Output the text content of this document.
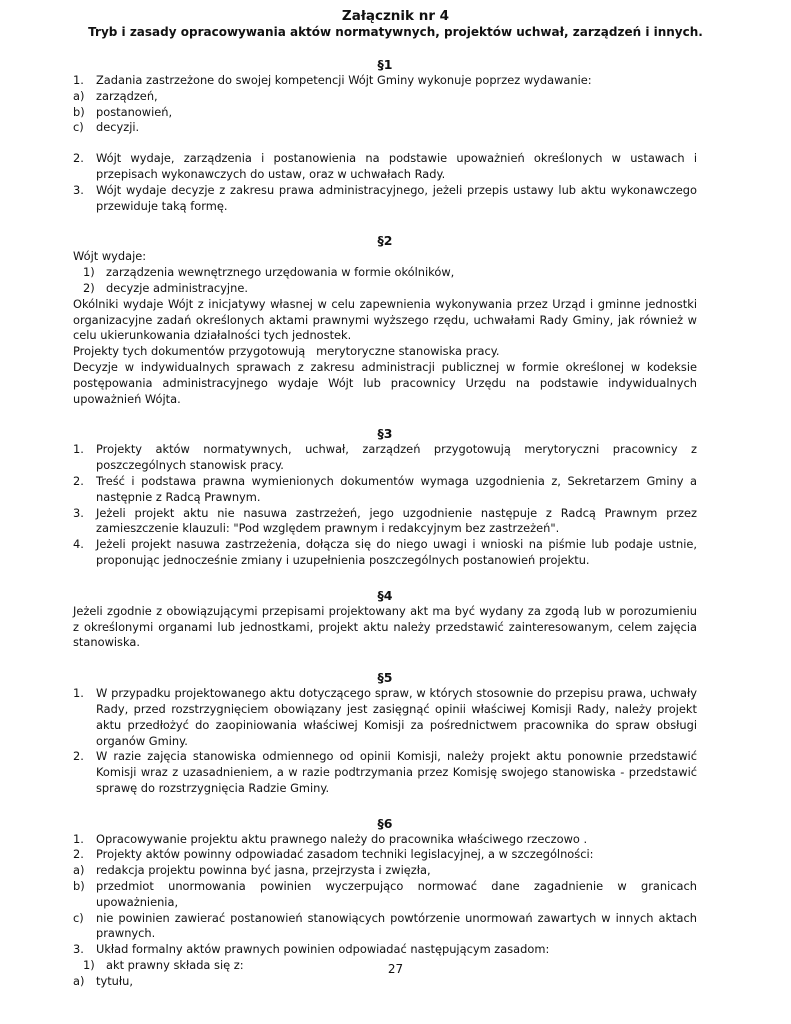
Załącznik nr 4

Tryb i zasady opracowywania aktów normatywnych, projektów uchwał, zarządzeń i innych.

§1

1.	Zadania zastrzeżone do swojej kompetencji Wójt Gminy wykonuje poprzez wydawanie:
a)	zarządzeń,
b) postanowień,
c)	decyzji.
2.	Wójt wydaje, zarządzenia i postanowienia na podstawie upoważnień określonych w ustawach i przepisach wykonawczych do ustaw, oraz w uchwałach Rady.
3.	Wójt wydaje decyzje z zakresu prawa administracyjnego, jeżeli przepis ustawy lub aktu wykonawczego przewiduje taką formę.

§2

Wójt wydaje:

1) zarządzenia wewnętrznego urzędowania w formie okólników,
2) decyzje administracyjne.

Okólniki wydaje Wójt z inicjatywy własnej w celu zapewnienia wykonywania przez Urząd i gminne jednostki organizacyjne zadań określonych aktami prawnymi wyższego rzędu, uchwałami Rady Gminy, jak również w celu ukierunkowania działalności tych jednostek.

Projekty tych dokumentów przygotowują   merytoryczne stanowiska pracy.

Decyzje w indywidualnych sprawach z zakresu administracji publicznej w formie określonej w kodeksie postępowania administracyjnego wydaje Wójt lub pracownicy Urzędu na podstawie indywidualnych upoważnień Wójta.

§3

1.	Projekty aktów normatywnych, uchwał, zarządzeń przygotowują merytoryczni pracownicy z poszczególnych stanowisk pracy.
2.	Treść i podstawa prawna wymienionych dokumentów wymaga uzgodnienia z, Sekretarzem Gminy a następnie z Radcą Prawnym.
3.	Jeżeli projekt aktu nie nasuwa zastrzeżeń, jego uzgodnienie następuje z Radcą Prawnym przez zamieszczenie klauzuli: "Pod względem prawnym i redakcyjnym bez zastrzeżeń".
4.	Jeżeli projekt nasuwa zastrzeżenia, dołącza się do niego uwagi i wnioski na piśmie lub podaje ustnie, proponując jednocześnie zmiany i uzupełnienia poszczególnych postanowień projektu.

§4

Jeżeli zgodnie z obowiązującymi przepisami projektowany akt ma być wydany za zgodą lub w porozumieniu z określonymi organami lub jednostkami, projekt aktu należy przedstawić zainteresowanym, celem zajęcia stanowiska.

§5

1.	W przypadku projektowanego aktu dotyczącego spraw, w których stosownie do przepisu prawa, uchwały Rady, przed rozstrzygnięciem obowiązany jest zasięgnąć opinii właściwej Komisji Rady, należy projekt aktu przedłożyć do zaopiniowania właściwej Komisji za pośrednictwem pracownika do spraw obsługi organów Gminy.
2.	W razie zajęcia stanowiska odmiennego od opinii Komisji, należy projekt aktu ponownie przedstawić Komisji wraz z uzasadnieniem, a w razie podtrzymania przez Komisję swojego stanowiska - przedstawić sprawę do rozstrzygnięcia Radzie Gminy.

§6

1.	Opracowywanie projektu aktu prawnego należy do pracownika właściwego rzeczowo .
2.	Projekty aktów powinny odpowiadać zasadom techniki legislacyjnej, a w szczególności:
a)	redakcja projektu powinna być jasna, przejrzysta i zwięzła,
b) przedmiot unormowania powinien wyczerpująco normować dane zagadnienie w granicach upoważnienia,
c)	nie powinien zawierać postanowień stanowiących powtórzenie unormowań zawartych w innych aktach prawnych.
3.	Układ formalny aktów prawnych powinien odpowiadać następującym zasadom:
1) akt prawny składa się z:
a)	tytułu,
27
